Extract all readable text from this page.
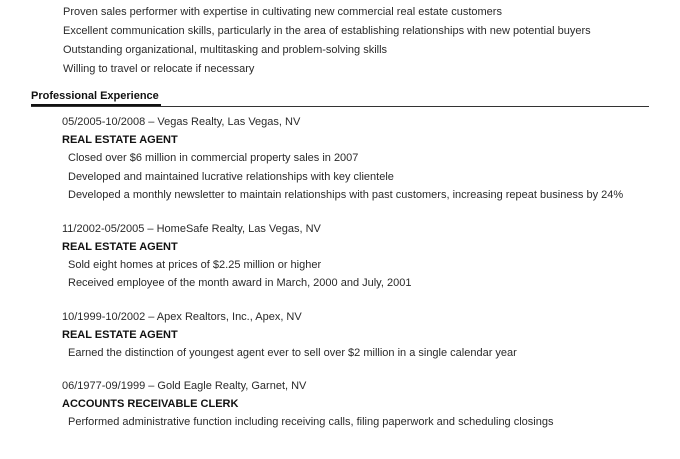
Proven sales performer with expertise in cultivating new commercial real estate customers
Excellent communication skills, particularly in the area of establishing relationships with new potential buyers
Outstanding organizational, multitasking and problem-solving skills
Willing to travel or relocate if necessary
Professional Experience
05/2005-10/2008 – Vegas Realty, Las Vegas, NV
REAL ESTATE AGENT
Closed over $6 million in commercial property sales in 2007
Developed and maintained lucrative relationships with key clientele
Developed a monthly newsletter to maintain relationships with past customers, increasing repeat business by 24%
11/2002-05/2005 – HomeSafe Realty, Las Vegas, NV
REAL ESTATE AGENT
Sold eight homes at prices of $2.25 million or higher
Received employee of the month award in March, 2000 and July, 2001
10/1999-10/2002 – Apex Realtors, Inc., Apex, NV
REAL ESTATE AGENT
Earned the distinction of youngest agent ever to sell over $2 million in a single calendar year
06/1977-09/1999 – Gold Eagle Realty, Garnet, NV
ACCOUNTS RECEIVABLE CLERK
Performed administrative function including receiving calls, filing paperwork and scheduling closings
